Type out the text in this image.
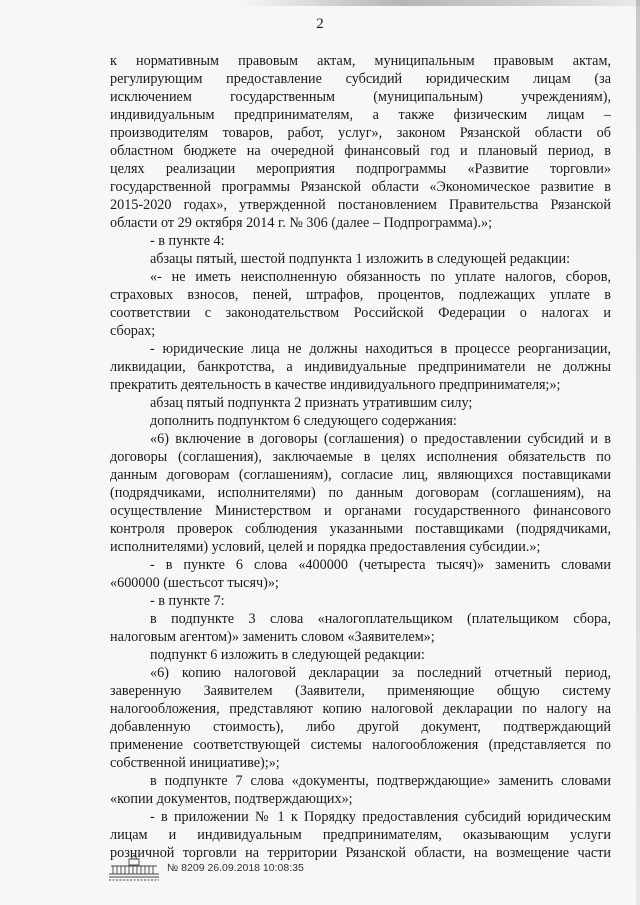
2
к нормативным правовым актам, муниципальным правовым актам,
регулирующим предоставление субсидий юридическим лицам (за
исключением государственным (муниципальным) учреждениям),
индивидуальным предпринимателям, а также физическим лицам –
производителям товаров, работ, услуг», законом Рязанской области об
областном бюджете на очередной финансовый год и плановый период, в
целях реализации мероприятия подпрограммы «Развитие торговли»
государственной программы Рязанской области «Экономическое развитие в
2015-2020 годах», утвержденной постановлением Правительства Рязанской
области от 29 октября 2014 г. № 306 (далее – Подпрограмма).»;
- в пункте 4:
абзацы пятый, шестой подпункта 1 изложить в следующей редакции:
«- не иметь неисполненную обязанность по уплате налогов, сборов,
страховых взносов, пеней, штрафов, процентов, подлежащих уплате в
соответствии с законодательством Российской Федерации о налогах и
сборах;
- юридические лица не должны находиться в процессе реорганизации,
ликвидации, банкротства, а индивидуальные предприниматели не должны
прекратить деятельность в качестве индивидуального предпринимателя;»;
абзац пятый подпункта 2 признать утратившим силу;
дополнить подпунктом 6 следующего содержания:
«6) включение в договоры (соглашения) о предоставлении субсидий и в
договоры (соглашения), заключаемые в целях исполнения обязательств по
данным договорам (соглашениям), согласие лиц, являющихся поставщиками
(подрядчиками, исполнителями) по данным договорам (соглашениям), на
осуществление Министерством и органами государственного финансового
контроля проверок соблюдения указанными поставщиками (подрядчиками,
исполнителями) условий, целей и порядка предоставления субсидии.»;
- в пункте 6 слова «400000 (четыреста тысяч)» заменить словами
«600000 (шестьсот тысяч)»;
- в пункте 7:
в подпункте 3 слова «налогоплательщиком (плательщиком сбора,
налоговым агентом)» заменить словом «Заявителем»;
подпункт 6 изложить в следующей редакции:
«6) копию налоговой декларации за последний отчетный период,
заверенную Заявителем (Заявители, применяющие общую систему
налогообложения, представляют копию налоговой декларации по налогу на
добавленную стоимость), либо другой документ, подтверждающий
применение соответствующей системы налогообложения (представляется по
собственной инициативе);»;
в подпункте 7 слова «документы, подтверждающие» заменить словами
«копии документов, подтверждающих»;
- в приложении № 1 к Порядку предоставления субсидий юридическим
лицам и индивидуальным предпринимателям, оказывающим услуги
розничной торговли на территории Рязанской области, на возмещение части
№ 8209 26.09.2018 10:08:35
